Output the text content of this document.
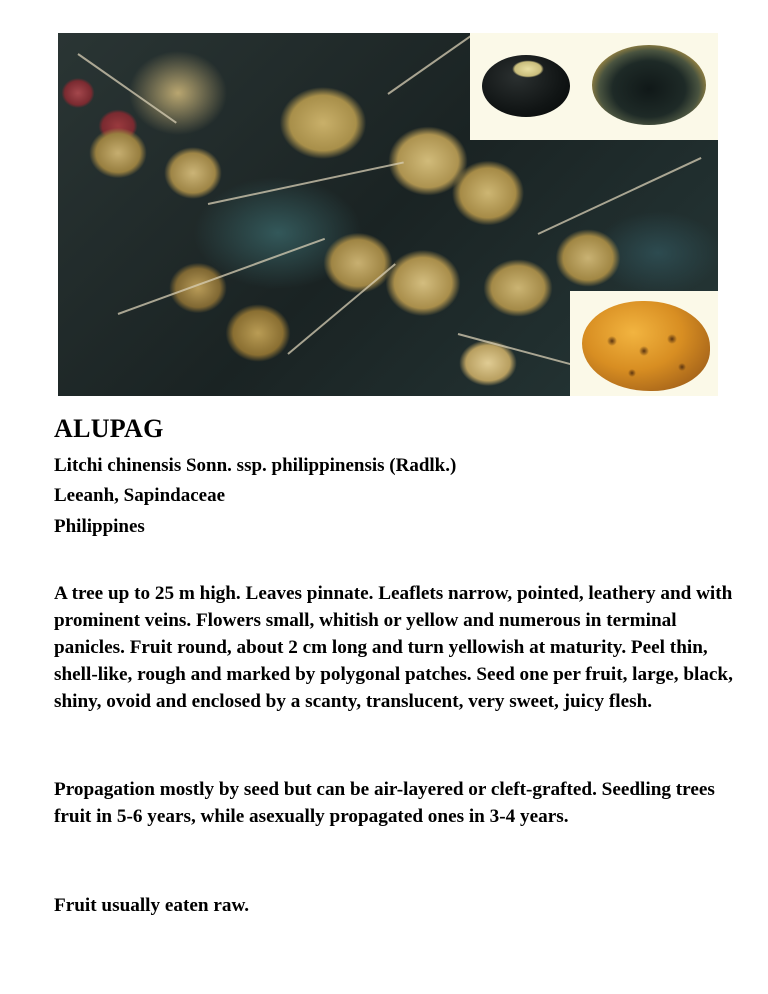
ALUPAG
Litchi chinensis Sonn. ssp. philippinensis (Radlk.)
Leeanh, Sapindaceae
Philippines

A tree up to 25 m high. Leaves pinnate. Leaflets narrow, pointed, leathery and with prominent veins. Flowers small, whitish or yellow and numerous in terminal panicles. Fruit round, about 2 cm long and turn yellowish at maturity. Peel thin, shell-like, rough and marked by polygonal patches. Seed one per fruit, large, black, shiny, ovoid and enclosed by a scanty, translucent, very sweet, juicy flesh.

Propagation mostly by seed but can be air-layered or cleft-grafted. Seedling trees fruit in 5-6 years, while asexually propagated ones in 3-4 years.

Fruit usually eaten raw.
